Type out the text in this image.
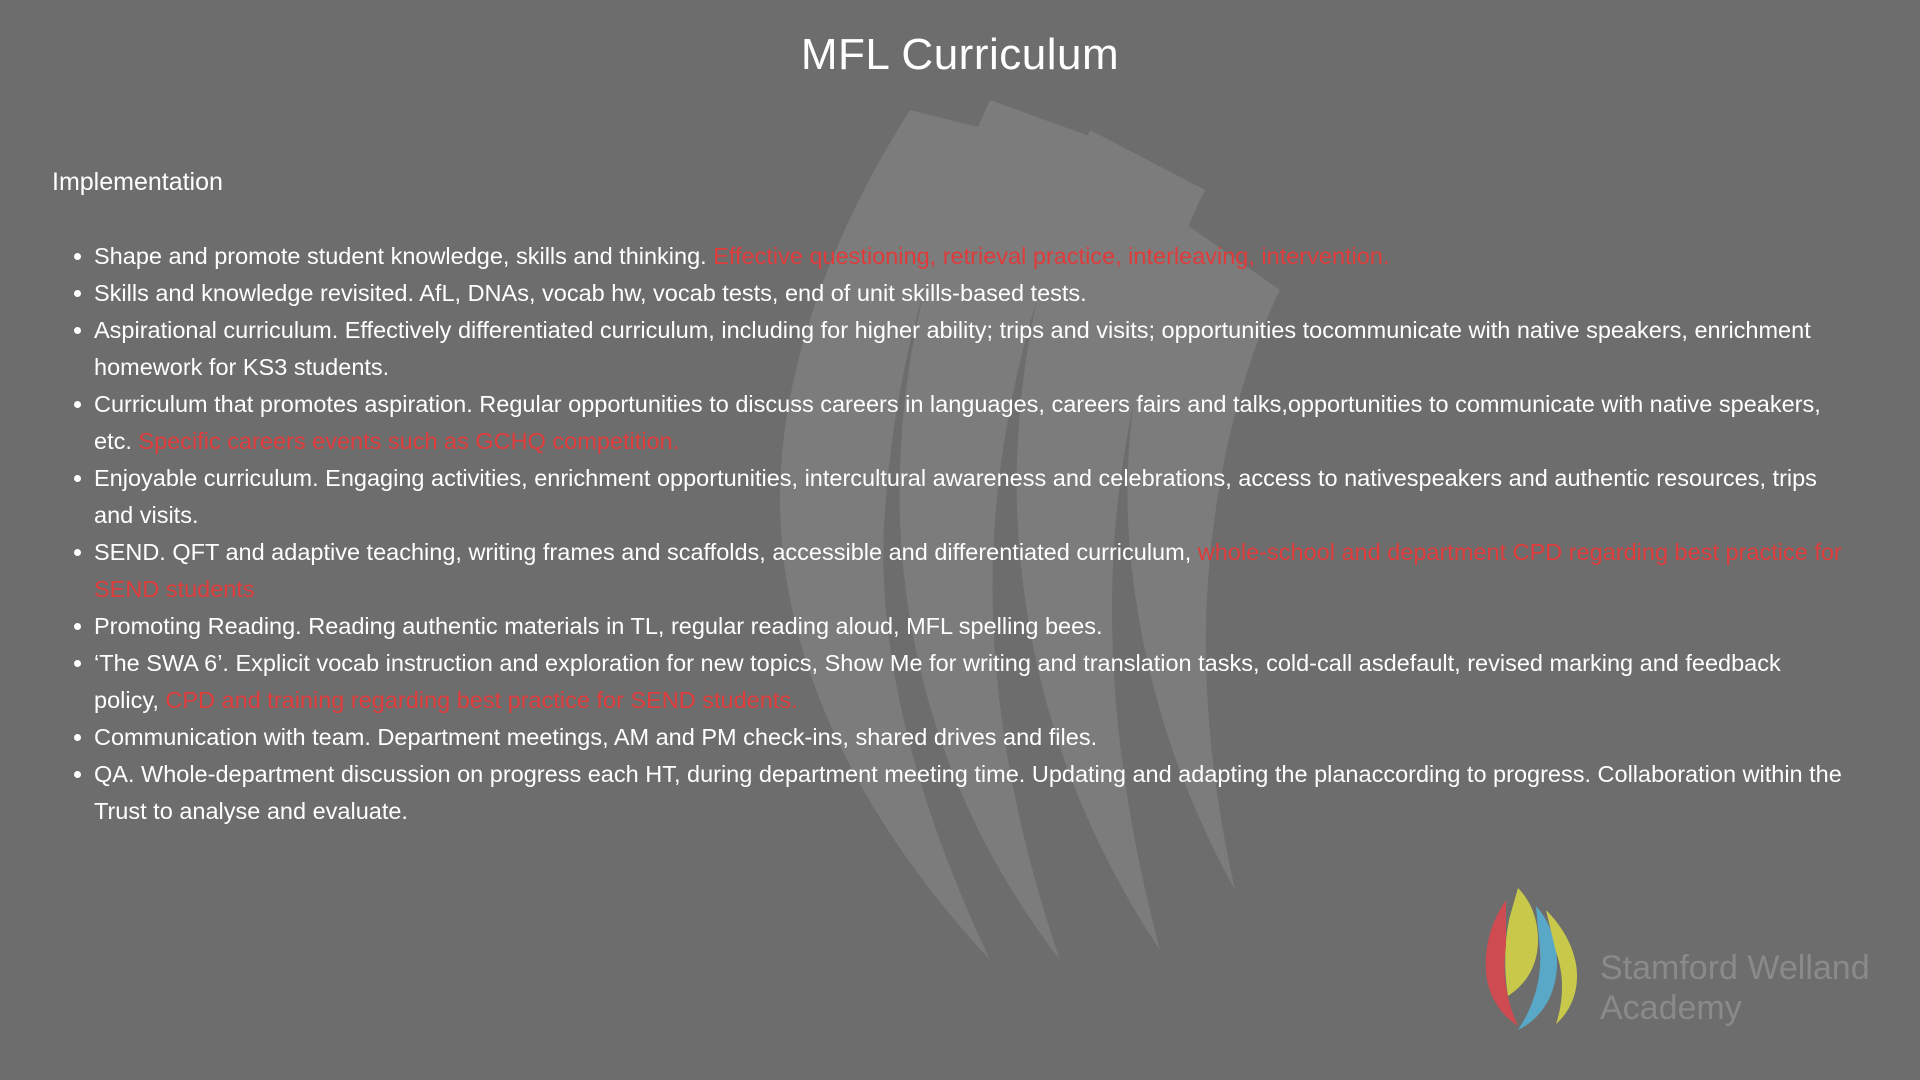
MFL Curriculum
Implementation
Shape and promote student knowledge, skills and thinking. Effective questioning, retrieval practice, interleaving, intervention.
Skills and knowledge revisited. AfL, DNAs, vocab hw, vocab tests, end of unit skills-based tests.
Aspirational curriculum. Effectively differentiated curriculum, including for higher ability; trips and visits; opportunities tocommunicate with native speakers, enrichment homework for KS3 students.
Curriculum that promotes aspiration. Regular opportunities to discuss careers in languages, careers fairs and talks,opportunities to communicate with native speakers, etc. Specific careers events such as GCHQ competition.
Enjoyable curriculum. Engaging activities, enrichment opportunities, intercultural awareness and celebrations, access to nativespeakers and authentic resources, trips and visits.
SEND. QFT and adaptive teaching, writing frames and scaffolds, accessible and differentiated curriculum, whole-school and department CPD regarding best practice for SEND students
Promoting Reading. Reading authentic materials in TL, regular reading aloud, MFL spelling bees.
‘The SWA 6’. Explicit vocab instruction and exploration for new topics, Show Me for writing and translation tasks, cold-call asdefault, revised marking and feedback policy, CPD and training regarding best practice for SEND students.
Communication with team. Department meetings, AM and PM check-ins, shared drives and files.
QA. Whole-department discussion on progress each HT, during department meeting time. Updating and adapting the planaccording to progress. Collaboration within the Trust to analyse and evaluate.
Stamford Welland
Academy
